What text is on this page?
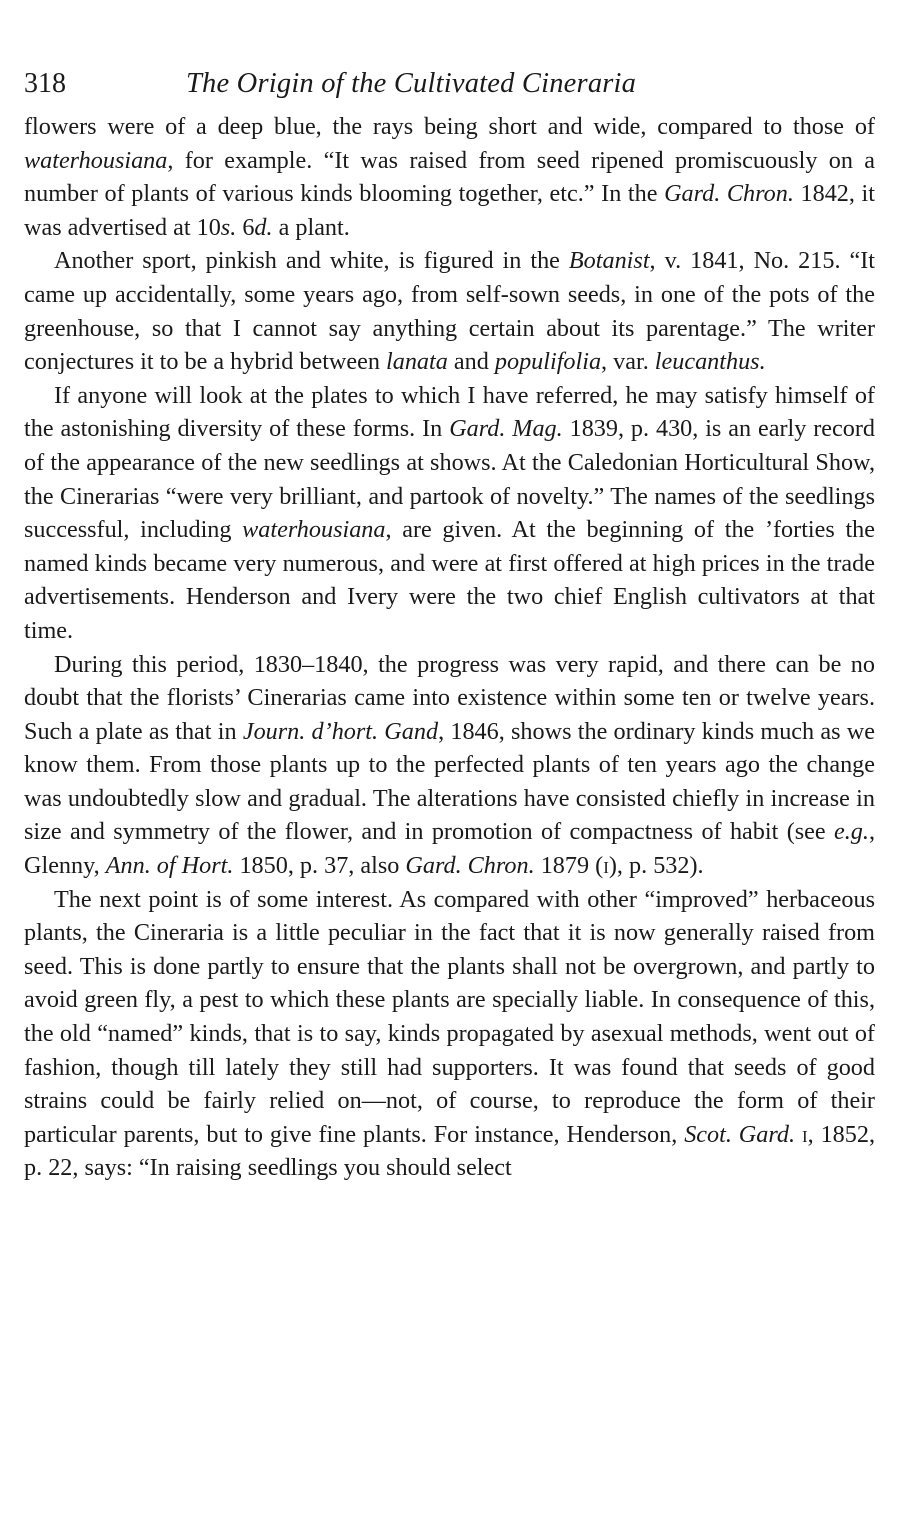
318	The Origin of the Cultivated Cineraria

flowers were of a deep blue, the rays being short and wide, compared to those of waterhousiana, for example. “It was raised from seed ripened promiscuously on a number of plants of various kinds blooming together, etc.” In the Gard. Chron. 1842, it was advertised at 10s. 6d. a plant.

Another sport, pinkish and white, is figured in the Botanist, v. 1841, No. 215. “It came up accidentally, some years ago, from self-sown seeds, in one of the pots of the greenhouse, so that I cannot say anything certain about its parentage.” The writer conjectures it to be a hybrid between lanata and populifolia, var. leucanthus.

If anyone will look at the plates to which I have referred, he may satisfy himself of the astonishing diversity of these forms. In Gard. Mag. 1839, p. 430, is an early record of the appearance of the new seedlings at shows. At the Caledonian Horticultural Show, the Cinerarias “were very brilliant, and partook of novelty.” The names of the seedlings successful, including waterhousiana, are given. At the beginning of the ’forties the named kinds became very numerous, and were at first offered at high prices in the trade advertisements. Henderson and Ivery were the two chief English cultivators at that time.

During this period, 1830–1840, the progress was very rapid, and there can be no doubt that the florists’ Cinerarias came into existence within some ten or twelve years. Such a plate as that in Journ. d’hort. Gand, 1846, shows the ordinary kinds much as we know them. From those plants up to the perfected plants of ten years ago the change was undoubtedly slow and gradual. The alterations have consisted chiefly in increase in size and symmetry of the flower, and in promotion of compactness of habit (see e.g., Glenny, Ann. of Hort. 1850, p. 37, also Gard. Chron. 1879 (i), p. 532).

The next point is of some interest. As compared with other “improved” herbaceous plants, the Cineraria is a little peculiar in the fact that it is now generally raised from seed. This is done partly to ensure that the plants shall not be overgrown, and partly to avoid green fly, a pest to which these plants are specially liable. In consequence of this, the old “named” kinds, that is to say, kinds propagated by asexual methods, went out of fashion, though till lately they still had supporters. It was found that seeds of good strains could be fairly relied on—not, of course, to reproduce the form of their particular parents, but to give fine plants. For instance, Henderson, Scot. Gard. i, 1852, p. 22, says: “In raising seedlings you should select
